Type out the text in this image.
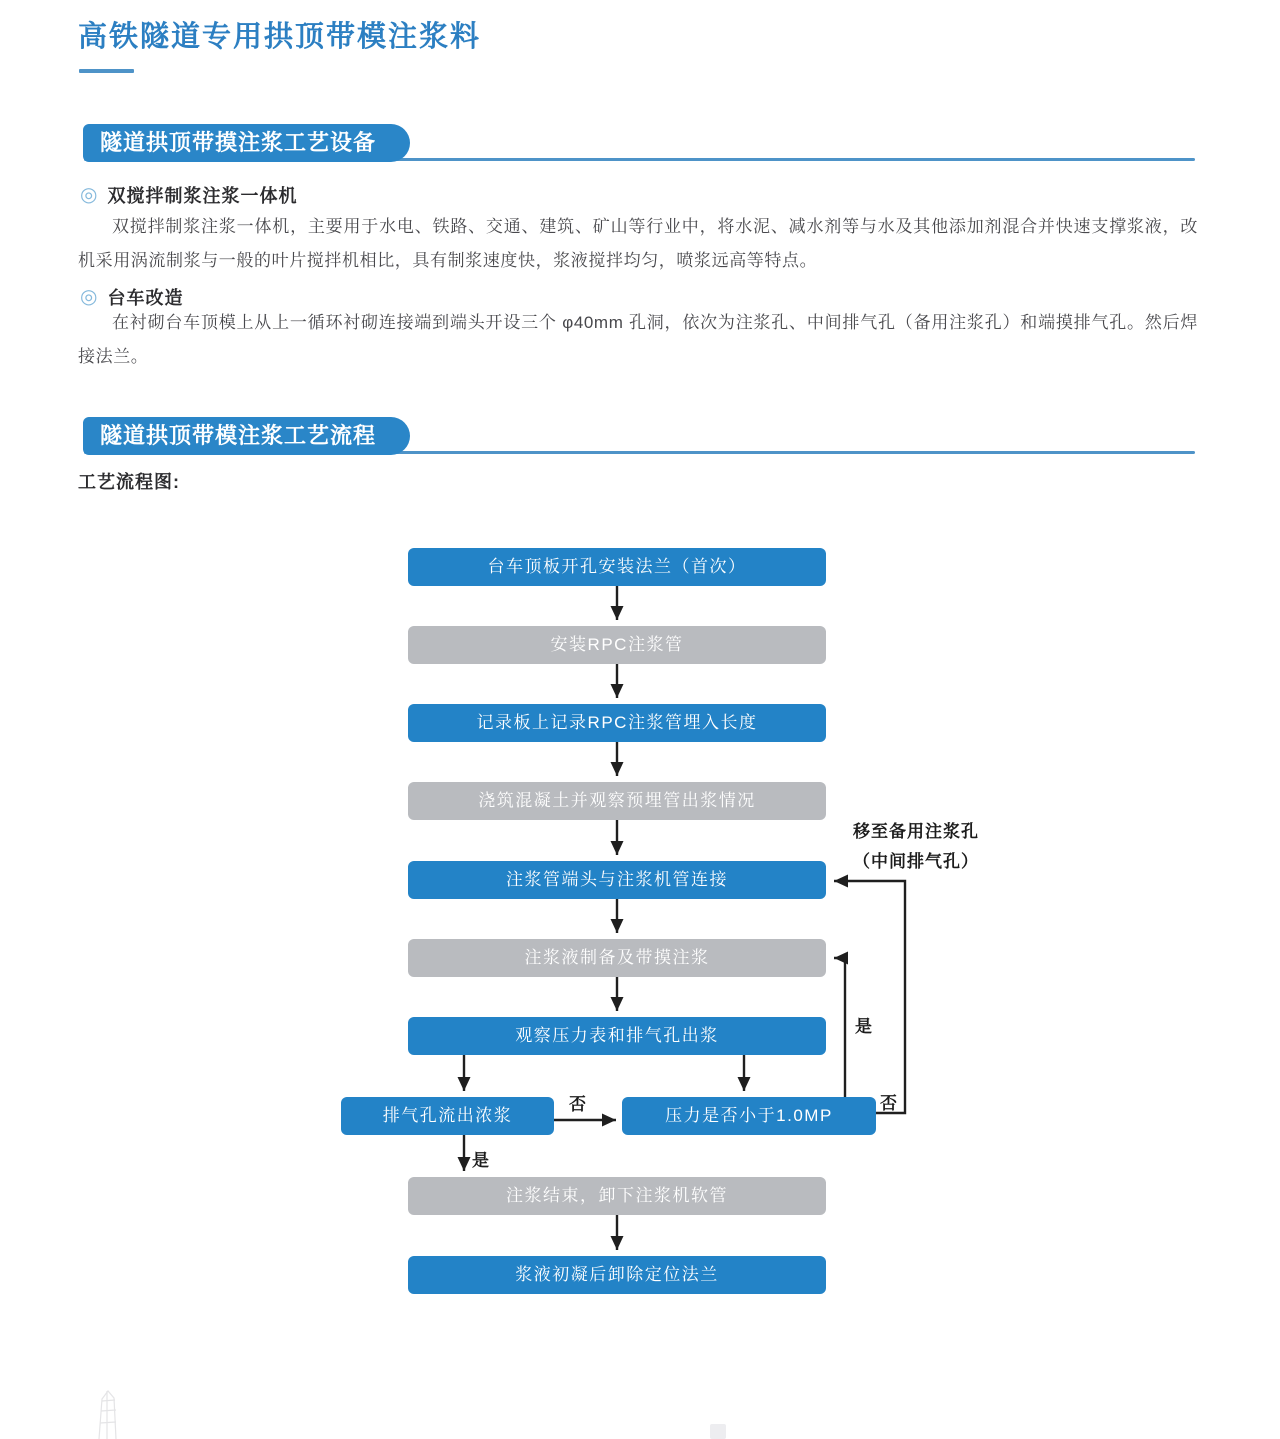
高铁隧道专用拱顶带模注浆料
隧道拱顶带摸注浆工艺设备
◎ 双搅拌制浆注浆一体机

双搅拌制浆注浆一体机，主要用于水电、铁路、交通、建筑、矿山等行业中，将水泥、减水剂等与水及其他添加剂混合并快速支撑浆液，改机采用涡流制浆与一般的叶片搅拌机相比，具有制浆速度快，浆液搅拌均匀，喷浆远高等特点。

◎ 台车改造

在衬砌台车顶模上从上一循环衬砌连接端到端头开设三个 φ40mm 孔洞，依次为注浆孔、中间排气孔（备用注浆孔）和端摸排气孔。然后焊接法兰。

隧道拱顶带模注浆工艺流程
工艺流程图:
台车顶板开孔安装法兰（首次）
安装RPC注浆管
记录板上记录RPC注浆管埋入长度
浇筑混凝土并观察预埋管出浆情况
注浆管端头与注浆机管连接
注浆液制备及带摸注浆
观察压力表和排气孔出浆
排气孔流出浓浆	压力是否小于1.0MP
注浆结束，卸下注浆机软管
浆液初凝后卸除定位法兰
移至备用注浆孔
（中间排气孔）
否
是
是
否
